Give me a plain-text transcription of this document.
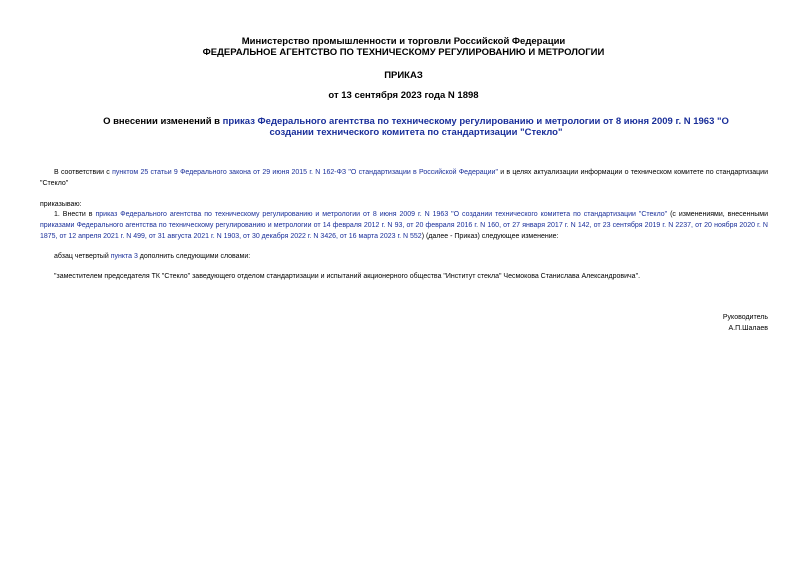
Министерство промышленности и торговли Российской Федерации
ФЕДЕРАЛЬНОЕ АГЕНТСТВО ПО ТЕХНИЧЕСКОМУ РЕГУЛИРОВАНИЮ И МЕТРОЛОГИИ
ПРИКАЗ
от 13 сентября 2023 года N 1898
О внесении изменений в приказ Федерального агентства по техническому регулированию и метрологии от 8 июня 2009 г. N 1963 "О создании технического комитета по стандартизации "Стекло"
В соответствии с пунктом 25 статьи 9 Федерального закона от 29 июня 2015 г. N 162-ФЗ "О стандартизации в Российской Федерации" и в целях актуализации информации о техническом комитете по стандартизации "Стекло"
приказываю:
1. Внести в приказ Федерального агентства по техническому регулированию и метрологии от 8 июня 2009 г. N 1963 "О создании технического комитета по стандартизации "Стекло" (с изменениями, внесенными приказами Федерального агентства по техническому регулированию и метрологии от 14 февраля 2012 г. N 93, от 20 февраля 2016 г. N 160, от 27 января 2017 г. N 142, от 23 сентября 2019 г. N 2237, от 20 ноября 2020 г. N 1875, от 12 апреля 2021 г. N 499, от 31 августа 2021 г. N 1903, от 30 декабря 2022 г. N 3426, от 16 марта 2023 г. N 552) (далее - Приказ) следующее изменение:
абзац четвертый пункта 3 дополнить следующими словами:
"заместителем председателя ТК "Стекло" заведующего отделом стандартизации и испытаний акционерного общества "Институт стекла" Чесмокова Станислава Александровича".
Руководитель
А.П.Шалаев
